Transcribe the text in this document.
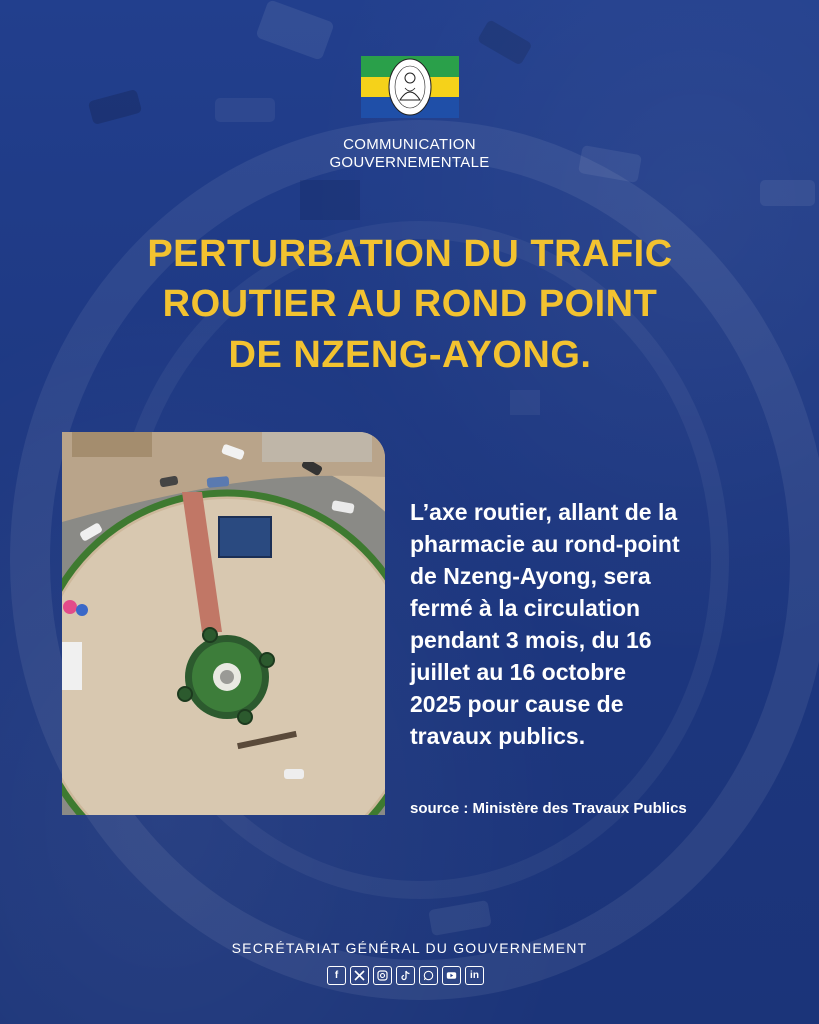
COMMUNICATION
GOUVERNEMENTALE
PERTURBATION DU TRAFIC
ROUTIER AU ROND POINT
DE NZENG-AYONG.
L’axe routier, allant de la
pharmacie au rond-point
de Nzeng-Ayong, sera
fermé à la circulation
pendant 3 mois, du 16
juillet au 16 octobre
2025 pour cause de
travaux publics.
source : Ministère des Travaux Publics
SECRÉTARIAT GÉNÉRAL DU GOUVERNEMENT
f	in
